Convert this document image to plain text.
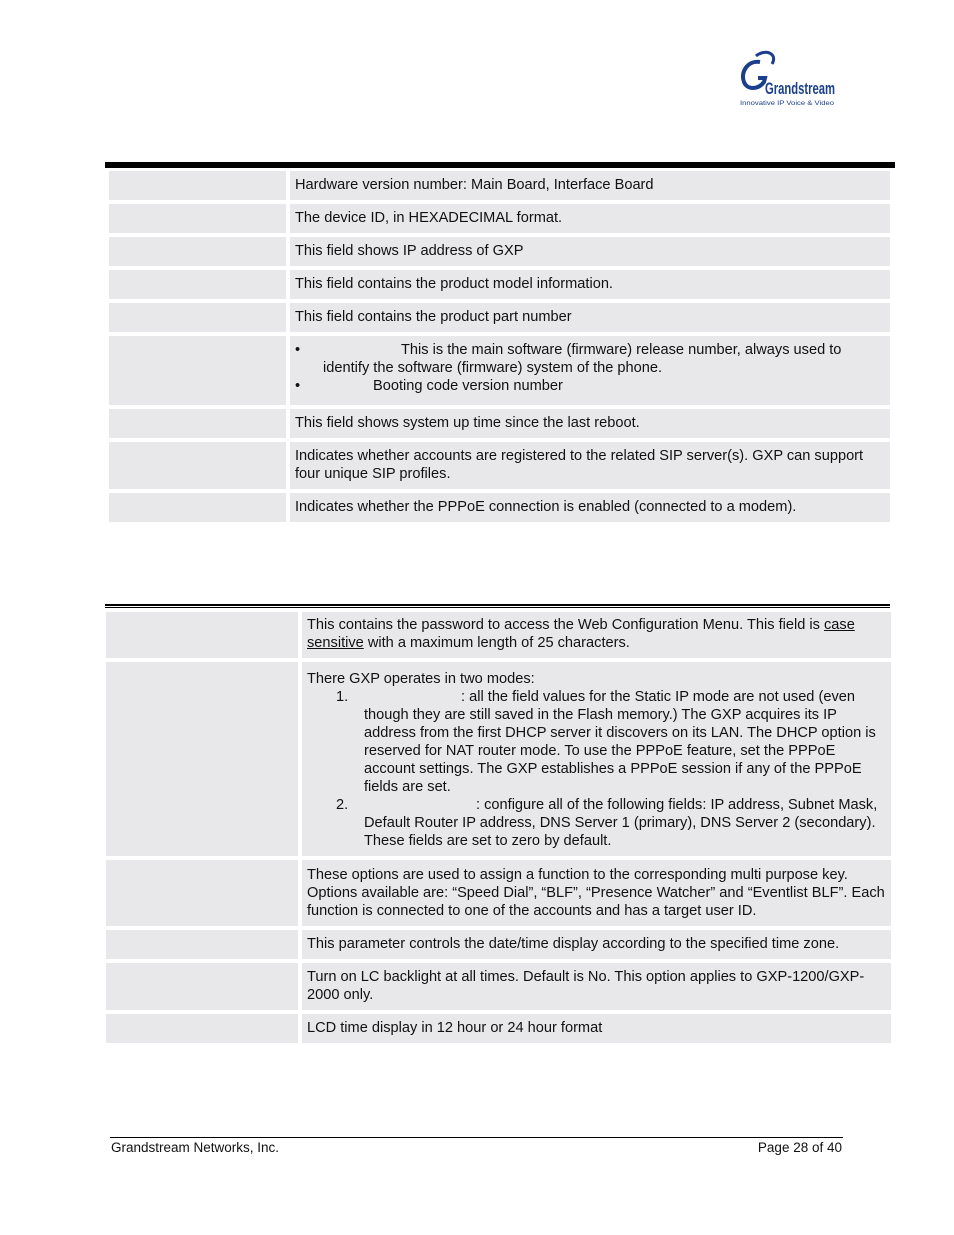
Grandstream
Innovative IP Voice & Video
Hardware version number: Main Board, Interface Board
The device ID, in HEXADECIMAL format.
This field shows IP address of GXP
This field contains the product model information.
This field contains the product part number
• This is the main software (firmware) release number, always used to identify the software (firmware) system of the phone.
• Booting code version number
This field shows system up time since the last reboot.
Indicates whether accounts are registered to the related SIP server(s). GXP can support four unique SIP profiles.
Indicates whether the PPPoE connection is enabled (connected to a modem).
This contains the password to access the Web Configuration Menu. This field is case sensitive with a maximum length of 25 characters.
There GXP operates in two modes:
1.	: all the field values for the Static IP mode are not used (even though they are still saved in the Flash memory.) The GXP acquires its IP address from the first DHCP server it discovers on its LAN. The DHCP option is reserved for NAT router mode. To use the PPPoE feature, set the PPPoE account settings. The GXP establishes a PPPoE session if any of the PPPoE fields are set.
2.	: configure all of the following fields: IP address, Subnet Mask, Default Router IP address, DNS Server 1 (primary), DNS Server 2 (secondary). These fields are set to zero by default.
These options are used to assign a function to the corresponding multi purpose key. Options available are: “Speed Dial”, “BLF”, “Presence Watcher” and “Eventlist BLF”. Each function is connected to one of the accounts and has a target user ID.
This parameter controls the date/time display according to the specified time zone.
Turn on LC backlight at all times. Default is No. This option applies to GXP-1200/GXP-2000 only.
LCD time display in 12 hour or 24 hour format
Grandstream Networks, Inc.	Page 28 of 40
